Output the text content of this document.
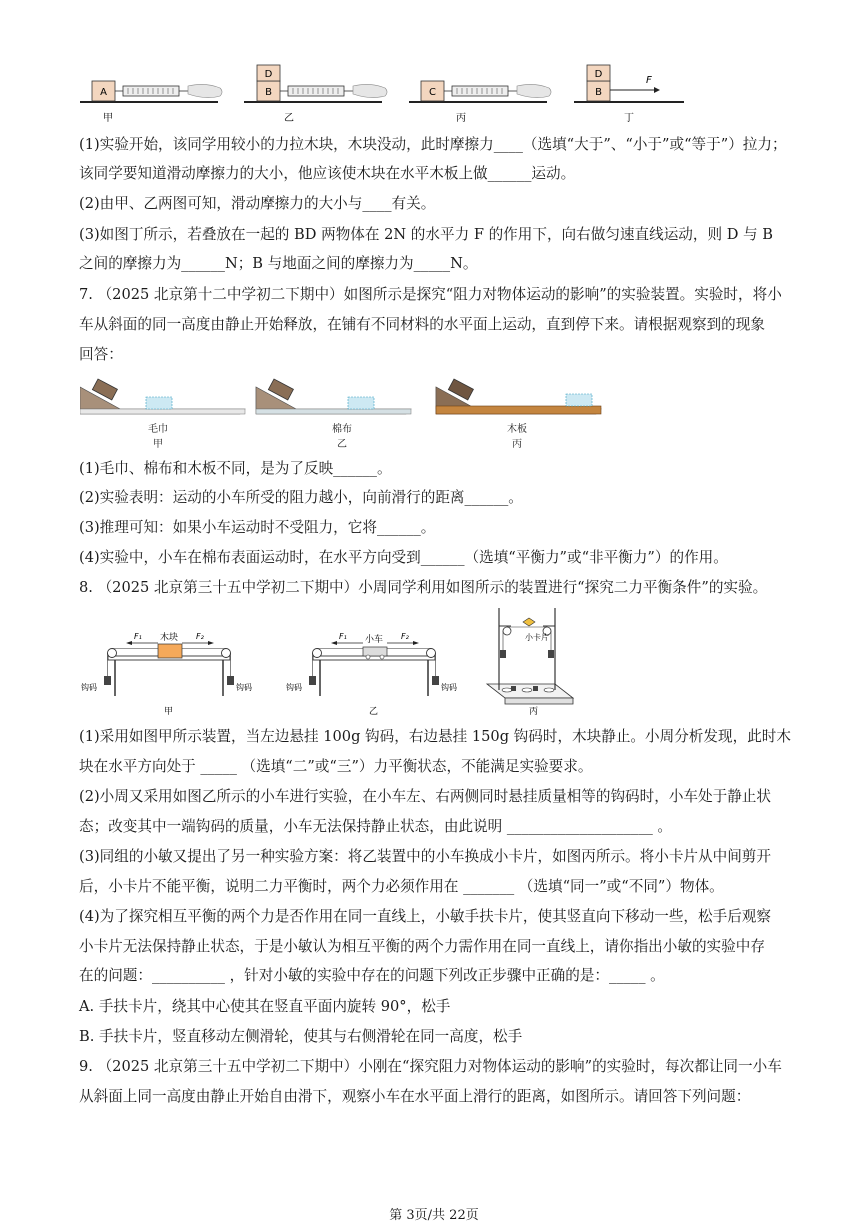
A
甲
B
D
乙
C
丙
B
D
F
丁
(1)实验开始，该同学用较小的力拉木块，木块没动，此时摩擦力____（选填“大于”、“小于”或“等于”）拉力；
该同学要知道滑动摩擦力的大小，他应该使木块在水平木板上做______运动。
(2)由甲、乙两图可知，滑动摩擦力的大小与____有关。
(3)如图丁所示，若叠放在一起的 BD 两物体在 2N 的水平力 F 的作用下，向右做匀速直线运动，则 D 与 B
之间的摩擦力为______N；B 与地面之间的摩擦力为_____N。
7. （2025 北京第十二中学初二下期中）如图所示是探究“阻力对物体运动的影响”的实验装置。实验时，将小
车从斜面的同一高度由静止开始释放，在铺有不同材料的水平面上运动，直到停下来。请根据观察到的现象
回答：
毛巾
甲
棉布
乙
木板
丙
(1)毛巾、棉布和木板不同，是为了反映______。
(2)实验表明：运动的小车所受的阻力越小，向前滑行的距离______。
(3)推理可知：如果小车运动时不受阻力，它将______。
(4)实验中，小车在棉布表面运动时，在水平方向受到______（选填“平衡力”或“非平衡力”）的作用。
8. （2025 北京第三十五中学初二下期中）小周同学利用如图所示的装置进行“探究二力平衡条件”的实验。
木块
F₁	F₂
钩码	钩码
甲
小车
F₁	F₂
钩码	钩码
乙
小卡片
丙
(1)采用如图甲所示装置，当左边悬挂 100g 钩码，右边悬挂 150g 钩码时，木块静止。小周分析发现，此时木
块在水平方向处于 _____ （选填“二”或“三”）力平衡状态，不能满足实验要求。
(2)小周又采用如图乙所示的小车进行实验，在小车左、右两侧同时悬挂质量相等的钩码时，小车处于静止状
态；改变其中一端钩码的质量，小车无法保持静止状态，由此说明 ____________________ 。
(3)同组的小敏又提出了另一种实验方案：将乙装置中的小车换成小卡片，如图丙所示。将小卡片从中间剪开
后，小卡片不能平衡，说明二力平衡时，两个力必须作用在 _______ （选填“同一”或“不同”）物体。
(4)为了探究相互平衡的两个力是否作用在同一直线上，小敏手扶卡片，使其竖直向下移动一些，松手后观察
小卡片无法保持静止状态，于是小敏认为相互平衡的两个力需作用在同一直线上，请你指出小敏的实验中存
在的问题：__________ ，针对小敏的实验中存在的问题下列改正步骤中正确的是：_____ 。
A. 手扶卡片，绕其中心使其在竖直平面内旋转 90°，松手
B. 手扶卡片，竖直移动左侧滑轮，使其与右侧滑轮在同一高度，松手
9. （2025 北京第三十五中学初二下期中）小刚在“探究阻力对物体运动的影响”的实验时，每次都让同一小车
从斜面上同一高度由静止开始自由滑下，观察小车在水平面上滑行的距离，如图所示。请回答下列问题：
第 3页/共 22页
